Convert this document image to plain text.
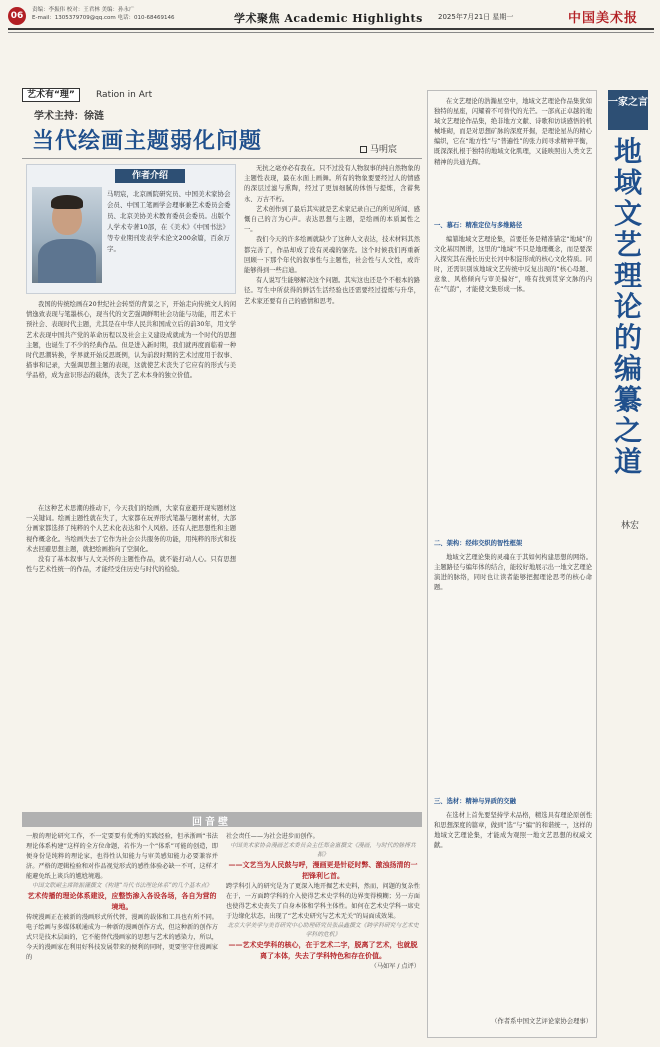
06
责编：李振伟 校对：王君林 美编：孙永广
E-mail：1305379709@qq.com 电话：010-68469146	学术聚焦 Academic Highlights 2025年7月21日 星期一	中国美术报
艺术有“理”	Ration in Art
学术主持：徐涟
当代绘画主题弱化问题	马明宸
作者介绍
马明宸，北京画院研究员、中国美术家协会会员、中国工笔画学会理事兼艺术委员会委员、北京美协美术教育委员会委员。出版个人学术专著10部，在《美术》《中国书法》等专业期刊发表学术论文200余篇，百余万字。

我国的传统绘画在20世纪社会转型的背景之下，开始走向传统文人的闲情逸致表现与笔墨核心，现当代的文艺强调鲜明社会功能与功能，用艺术干预社会、表现时代主题，尤其是在中华人民共和国成立后的前30年，用文学艺术表现中国共产党的革命历程以及社会主义建设成就成为一个时代的思想主题，也诞生了不少的经典作品。但是进入新时期，我们就再度面临着一种时代思潮转换，学界就开始反思既例，认为前段时期的艺术过度用于叙事、描事和记录，大强调思想主题的表现，这就使艺术丧失了它应有的形式与美学品格，成为意识形态的载体，丧失了艺术本身的独立价值。

在这种艺术思潮的推动下，今天我们的绘画，大家有意避开现实题材这一关键词。绘画主题性就在失了，大家都在玩弄形式笔墨与题材素材，大部分画家都选择了纯粹的个人艺术化表达和个人风格。还有人把思想性和主题视作概念化。当绘画失去了它作为社会公共服务的功能，用纯粹的形式和技术去回避思想主题，就把绘画推向了空洞化。

没有了基本叙事与人文关怀的主题性作品，就不能打动人心。只有思想性与艺术性统一的作品，才能经受住历史与时代的检验。

无抗之毫亦必有我在。只不过没有人物叙事的纯自然物象的主题性表现，最在水面上画舞。所有的物象要要经过人的情感的深层过滤与熏陶，经过了更加细腻的体悟与提炼，含蓄隽永、万古不朽。

艺术创作到了最后其实就是艺术家记录自己的所见所闻、感慨自己的言为心声。表达思想与主题，是绘画的本质属性之一。

我们今天的许多绘画就缺少了这种人文表达，技术材料其然都完善了，作品却成了没有灵魂的躯壳。这个时候我们再重新回顾一下那个年代的叙事性与主题性，社会性与人文性，或许能够得到一些启迪。

有人说写生能够解决这个问题。其实这也还是个不根本的路径。写生中所获得的鲜活生活经验也还需要经过提炼与升华，艺术家还要有自己的感情和思考。

回音壁

一般的理论研究工作，不一定要要有优秀的实践经验，但承浙画“书法理论体系构建”这样的全方位命题，若作为一个“体系”可能的创造，即便身份是纯粹的理论家，也得性认知能力与审美感知能力必要兼容并济。严格的逻辑检验和对作品视觉形式的感性体验必缺一不可，这样才能避免纸上谈兵的尴尬境遇。

中国文联副主席陈振濂撰文《构建“当代书法理论体系”的几个基本点》
艺术传播的理论体系建设，应整饬渗入各设各场，各自为营的境地。

传统漫画正在被新的漫画形式所代替，漫画的载体和工具也有所不同。电子绘画与多媒体联通成为一种新的漫画创作方式，但这种新的创作方式只是技术层面的，它不能替代漫画家的思想与艺术的感染力，所以，今天的漫画家在利用好科技发展带来的便利的同时，更要坚守住漫画家的

社会责任——为社会进步而创作。

中国美术家协会漫画艺术委员会主任郑金富撰文《漫画，与时代的脉搏共振》
——文艺当为人民鼓与呼，漫画更是针砭时弊、激浊扬清的一把锋利匕首。

跨学科引入的研究是为了更深入地开掘艺术史料，然而，问题的复杂性在于，一方面跨学科的介入使得艺术史学科的边界变得模糊；另一方面也使得艺术史丧失了自身本体和学科主体性。如何在艺术史学科一席史于边缘化状态，出现了“艺术史研究与艺术无关”的局面成效果。

北京大学美学与美育研究中心助理研究员张品鑫撰文《跨学科研究与艺术史学科的危机》
——艺术史学科的核心，在于艺术二字，脱离了艺术，也就脱离了本体，失去了学科特色和存在价值。

（马如军 / 点评）

在文艺理论的浩瀚星空中，地域文艺理论作品集犹如独特的星座，闪耀着不可替代的光芒。一部真正卓越的地域文艺理论作品集，绝非地方文献、诗歌和访谈感悟的机械堆砌，而是对思想矿脉的深度开掘，是理论星丛的精心编织，它在“地方性”与“普遍性”的张力间寻求精神平衡，既深深扎根于独特的地域文化肌理，又能映照出人类文艺精神的共通光辉。
一、慕石：精准定位与多维路径
编纂地域文艺理论集，首要任务是精准锚定“地域”的文化基因图谱，这里的“地域”不只是地理概念，而是要深入探究其在漫长历史长河中积淀形成的核心文化特质。同时，还需识别该地域文艺传统中反复出现的“核心母题、意象、风格倾向与审美偏好”，唯有找到贯穿文脉的内在“气韵”，才能使文集形成一体。
二、架构：经纬交织的智性框架
地域文艺理论集的灵魂在于其如何构建思想的网络。主题路径与编年体的结合，能较好地展示出一地文艺理论演进的脉络，同时也让读者能够把握理论思考的核心命题。
三、选材：精神与异质的交融
在选材上首先要坚持学术品格，精选具有理论原创性和思想深度的篇章，做到“选”与“编”的和谐统一，这样的地域文艺理论集，才能成为观照一地文艺思想的权威文献。
（作者系中国文艺评论家协会理事）
一家之言
地域文艺理论的编纂之道
林宏
